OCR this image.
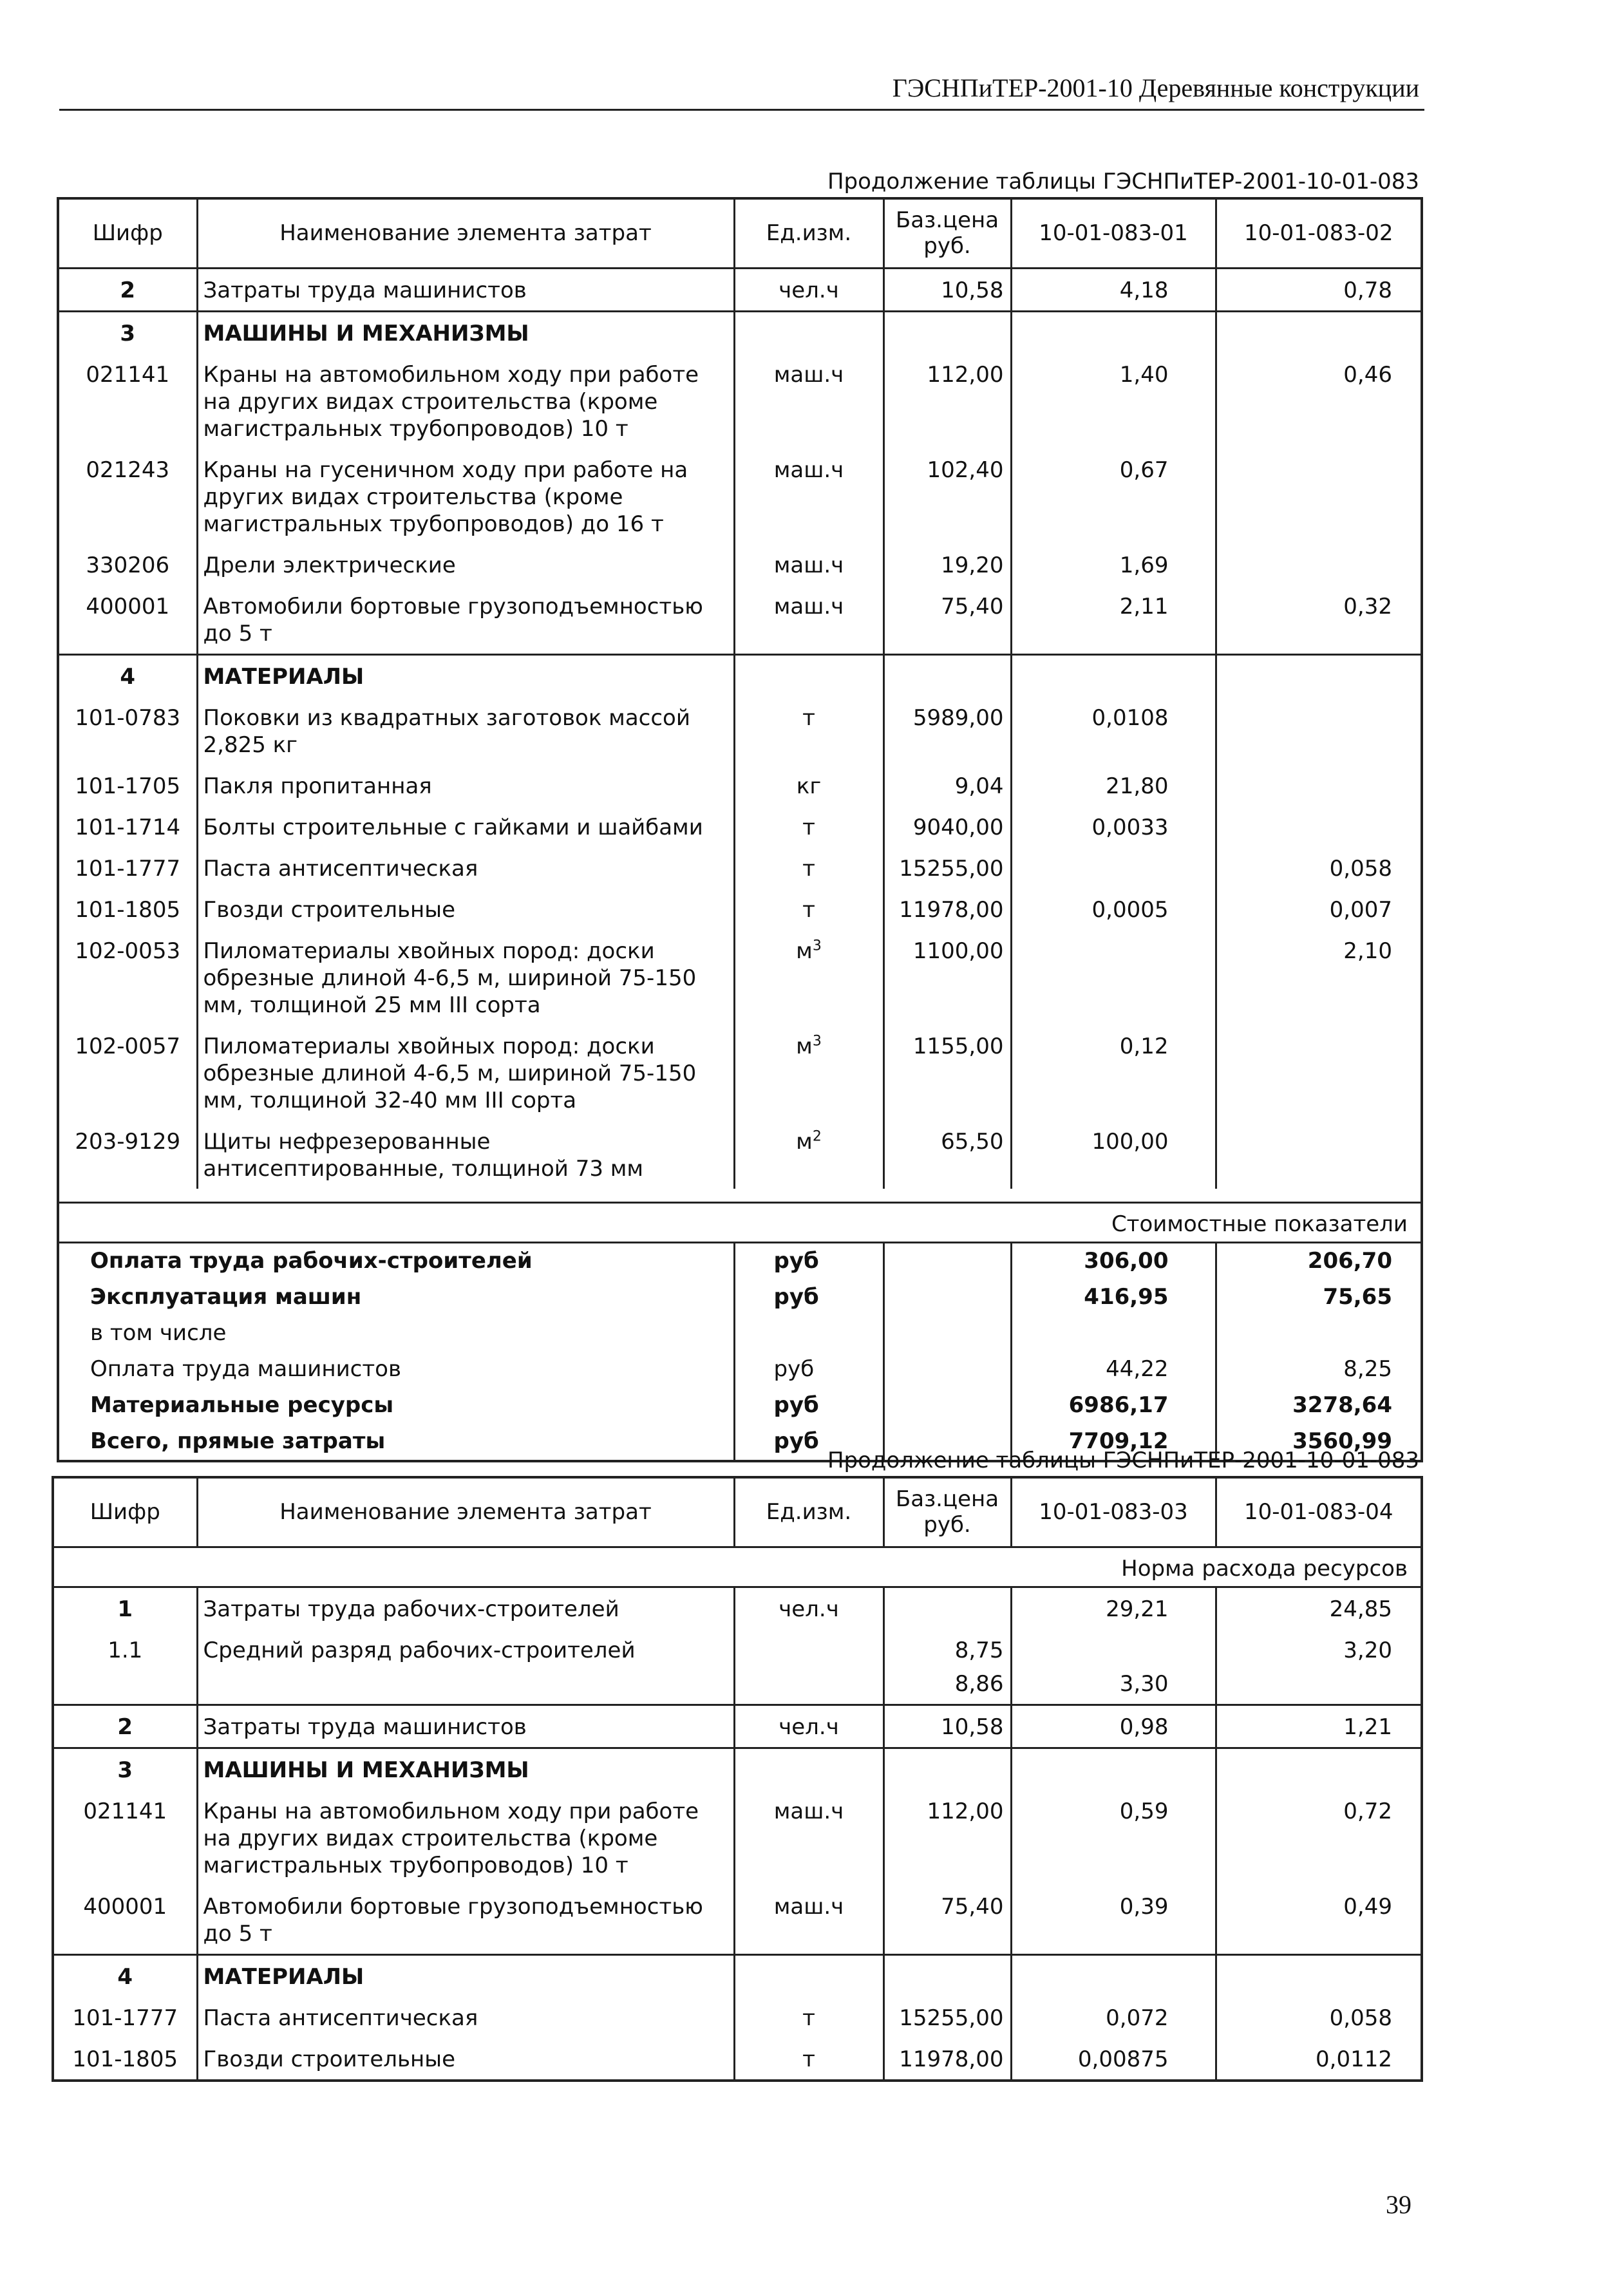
ГЭСНПиТЕР-2001-10 Деревянные конструкции
Продолжение таблицы ГЭСНПиТЕР-2001-10-01-083
Шифр	Наименование элемента затрат	Ед.изм.	Баз.цена руб.	10-01-083-01	10-01-083-02
2	Затраты труда машинистов	чел.ч	10,58	4,18	0,78
3	МАШИНЫ И МЕХАНИЗМЫ				
021141	Краны на автомобильном ходу при работе на других видах строительства (кроме магистральных трубопроводов) 10 т	маш.ч	112,00	1,40	0,46
021243	Краны на гусеничном ходу при работе на других видах строительства (кроме магистральных трубопроводов) до 16 т	маш.ч	102,40	0,67	
330206	Дрели электрические	маш.ч	19,20	1,69	
400001	Автомобили бортовые грузоподъемностью до 5 т	маш.ч	75,40	2,11	0,32
4	МАТЕРИАЛЫ				
101-0783	Поковки из квадратных заготовок массой 2,825 кг	т	5989,00	0,0108	
101-1705	Пакля пропитанная	кг	9,04	21,80	
101-1714	Болты строительные с гайками и шайбами	т	9040,00	0,0033	
101-1777	Паста антисептическая	т	15255,00		0,058
101-1805	Гвозди строительные	т	11978,00	0,0005	0,007
102-0053	Пиломатериалы хвойных пород: доски обрезные длиной 4-6,5 м, шириной 75-150 мм, толщиной 25 мм III сорта	$м^3$	1100,00		2,10
102-0057	Пиломатериалы хвойных пород: доски обрезные длиной 4-6,5 м, шириной 75-150 мм, толщиной 32-40 мм III сорта	$м^3$	1155,00	0,12	
203-9129	Щиты нефрезерованные антисептированные, толщиной 73 мм	$м^2$	65,50	100,00	

Стоимостные показатели					
Оплата труда рабочих-строителей		руб		306,00	206,70
Эксплуатация машин		руб		416,95	75,65
в том числе					
Оплата труда машинистов		руб		44,22	8,25
Материальные ресурсы		руб		6986,17	3278,64
Всего, прямые затраты		руб		7709,12	3560,99
Продолжение таблицы ГЭСНПиТЕР-2001-10-01-083
Шифр	Наименование элемента затрат	Ед.изм.	Баз.цена руб.	10-01-083-03	10-01-083-04
Норма расхода ресурсов					
1	Затраты труда рабочих-строителей	чел.ч		29,21	24,85
1.1	Средний разряд рабочих-строителей		8,75		3,20
			8,86	3,30	
2	Затраты труда машинистов	чел.ч	10,58	0,98	1,21
3	МАШИНЫ И МЕХАНИЗМЫ				
021141	Краны на автомобильном ходу при работе на других видах строительства (кроме магистральных трубопроводов) 10 т	маш.ч	112,00	0,59	0,72
400001	Автомобили бортовые грузоподъемностью до 5 т	маш.ч	75,40	0,39	0,49
4	МАТЕРИАЛЫ				
101-1777	Паста антисептическая	т	15255,00	0,072	0,058
101-1805	Гвозди строительные	т	11978,00	0,00875	0,0112
39
